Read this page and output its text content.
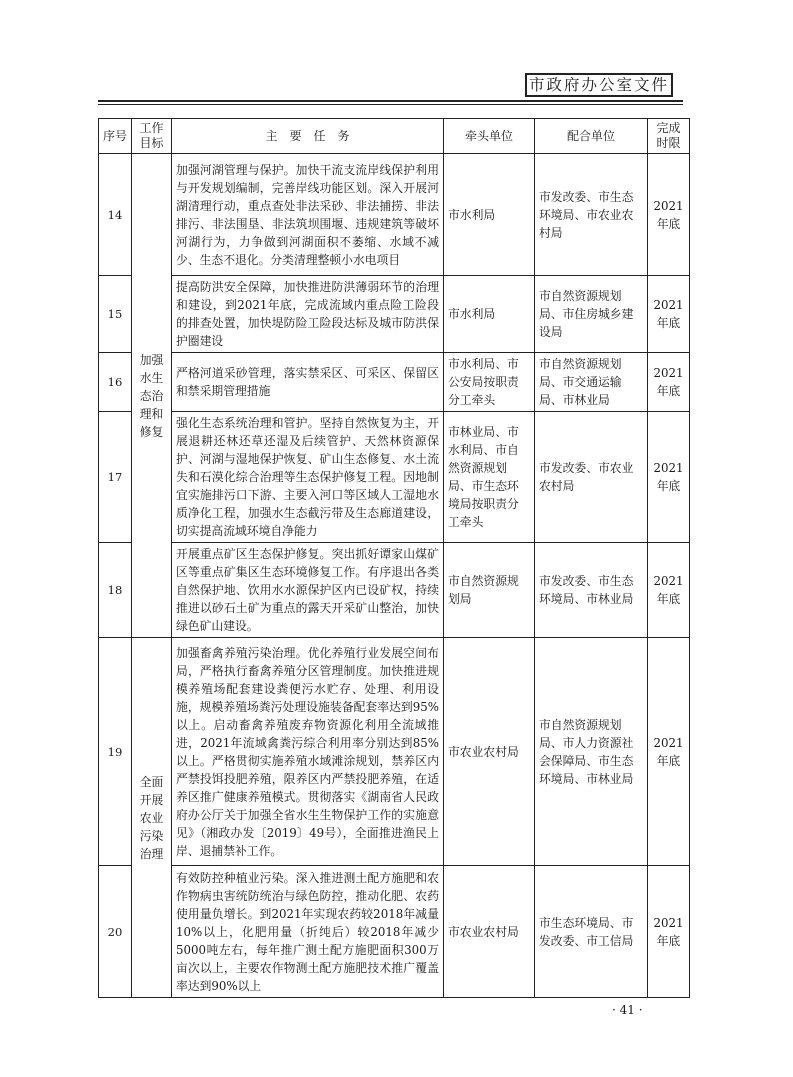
市政府办公室文件
序号	工作目标	主　要　任　务	牵头单位	配合单位	完成时限
14	加强水生态治理和修复	加强河湖管理与保护。加快干流支流岸线保护利用与开发规划编制，完善岸线功能区划。深入开展河湖清理行动，重点查处非法采砂、非法捕捞、非法排污、非法围垦、非法筑坝围堰、违规建筑等破坏河湖行为，力争做到河湖面积不萎缩、水域不减少、生态不退化。分类清理整顿小水电项目	市水利局	市发改委、市生态环境局、市农业农村局	2021年底
15		提高防洪安全保障，加快推进防洪薄弱环节的治理和建设，到2021年底，完成流域内重点险工险段的排查处置，加快堤防险工险段达标及城市防洪保护圈建设	市水利局	市自然资源规划局、市住房城乡建设局	2021年底
16		严格河道采砂管理，落实禁采区、可采区、保留区和禁采期管理措施	市水利局、市公安局按职责分工牵头	市自然资源规划局、市交通运输局、市林业局	2021年底
17		强化生态系统治理和管护。坚持自然恢复为主，开展退耕还林还草还湿及后续管护、天然林资源保护、河湖与湿地保护恢复、矿山生态修复、水土流失和石漠化综合治理等生态保护修复工程。因地制宜实施排污口下游、主要入河口等区域人工湿地水质净化工程，加强水生态截污带及生态廊道建设，切实提高流域环境自净能力	市林业局、市水利局、市自然资源规划局、市生态环境局按职责分工牵头	市发改委、市农业农村局	2021年底
18		开展重点矿区生态保护修复。突出抓好谭家山煤矿区等重点矿集区生态环境修复工作。有序退出各类自然保护地、饮用水水源保护区内已设矿权，持续推进以砂石土矿为重点的露天开采矿山整治，加快绿色矿山建设。	市自然资源规划局	市发改委、市生态环境局、市林业局	2021年底
19	全面开展农业污染治理	加强畜禽养殖污染治理。优化养殖行业发展空间布局，严格执行畜禽养殖分区管理制度。加快推进规模养殖场配套建设粪便污水贮存、处理、利用设施，规模养殖场粪污处理设施装备配套率达到95%以上。启动畜禽养殖废弃物资源化利用全流域推进，2021年流域禽粪污综合利用率分别达到85%以上。严格贯彻实施养殖水域滩涂规划，禁养区内严禁投饵投肥养殖，限养区内严禁投肥养殖，在适养区推广健康养殖模式。贯彻落实《湖南省人民政府办公厅关于加强全省水生生物保护工作的实施意见》（湘政办发〔2019〕49号），全面推进渔民上岸、退捕禁补工作。	市农业农村局	市自然资源规划局、市人力资源社会保障局、市生态环境局、市林业局	2021年底
20		有效防控种植业污染。深入推进测土配方施肥和农作物病虫害统防统治与绿色防控，推动化肥、农药使用量负增长。到2021年实现农药较2018年减量10%以上，化肥用量（折纯后）较2018年减少5000吨左右，每年推广测土配方施肥面积300万亩次以上，主要农作物测土配方施肥技术推广覆盖率达到90%以上	市农业农村局	市生态环境局、市发改委、市工信局	2021年底
· 41 ·
